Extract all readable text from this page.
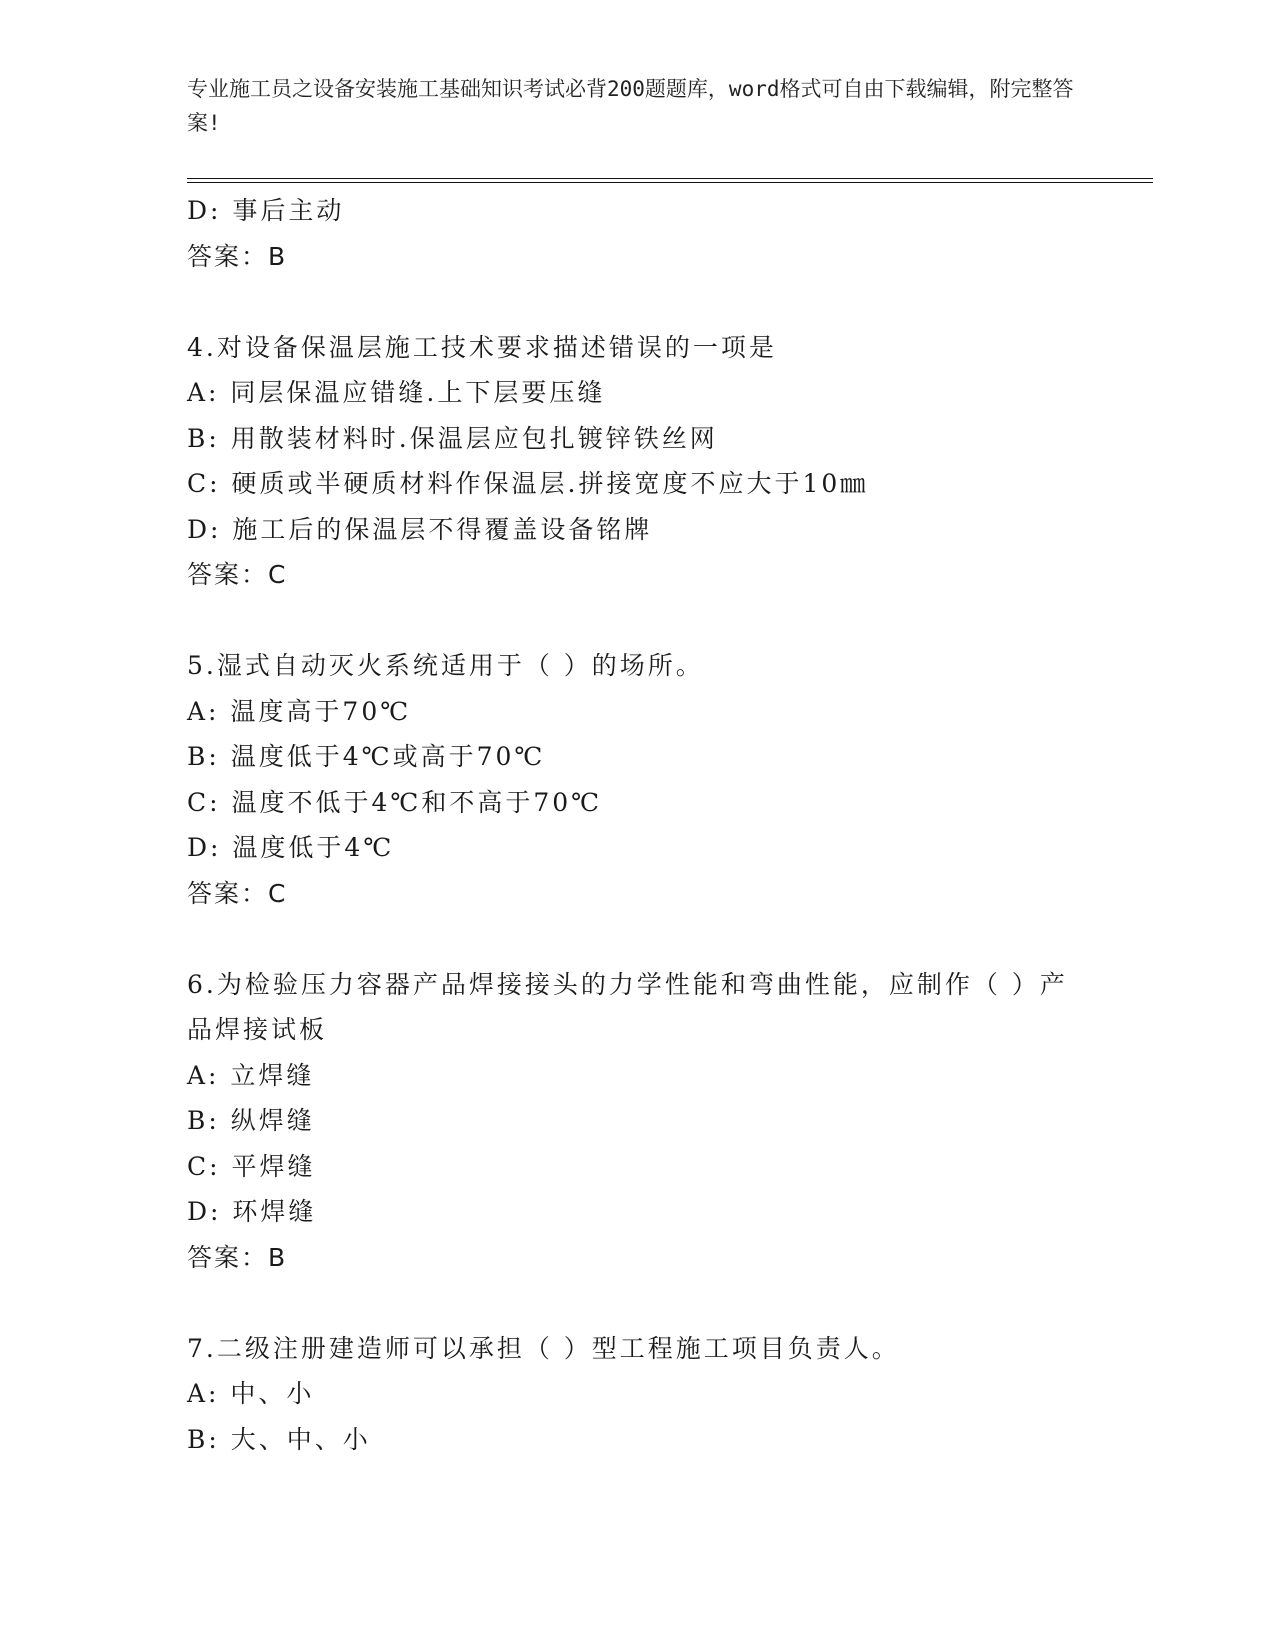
专业施工员之设备安装施工基础知识考试必背200题题库，word格式可自由下载编辑，附完整答案!
D: 事后主动
答案：B
4.对设备保温层施工技术要求描述错误的一项是
A: 同层保温应错缝.上下层要压缝
B: 用散装材料时.保温层应包扎镀锌铁丝网
C: 硬质或半硬质材料作保温层.拼接宽度不应大于10㎜
D: 施工后的保温层不得覆盖设备铭牌
答案：C
5.湿式自动灭火系统适用于（ ）的场所。
A: 温度高于70℃
B: 温度低于4℃或高于70℃
C: 温度不低于4℃和不高于70℃
D: 温度低于4℃
答案：C
6.为检验压力容器产品焊接接头的力学性能和弯曲性能，应制作（ ）产品焊接试板
A: 立焊缝
B: 纵焊缝
C: 平焊缝
D: 环焊缝
答案：B
7.二级注册建造师可以承担（ ）型工程施工项目负责人。
A: 中、小
B: 大、中、小
